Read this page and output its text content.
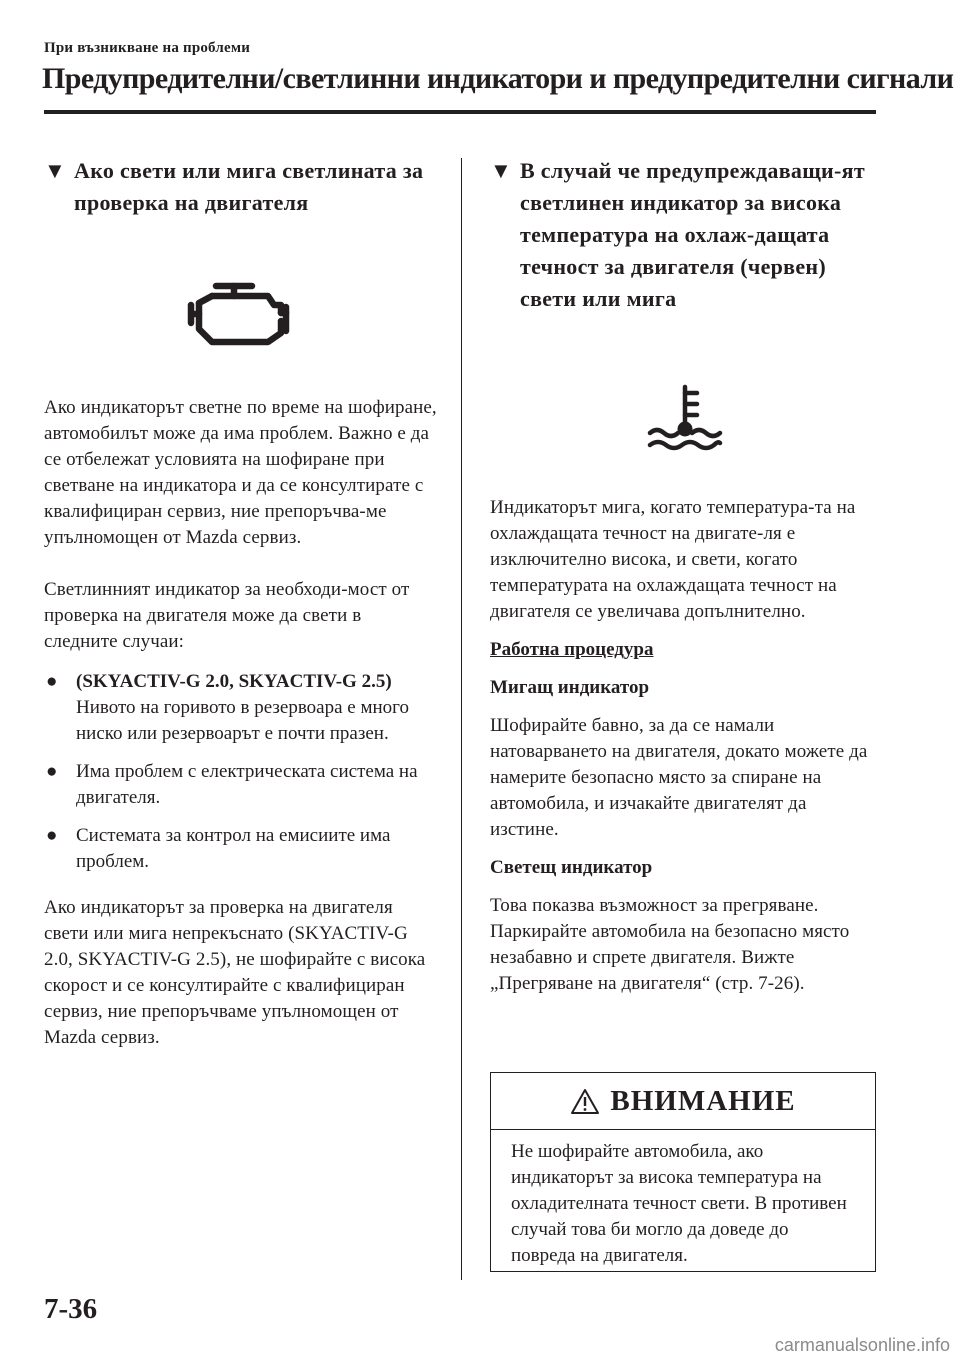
При възникване на проблеми
Предупредителни/светлинни индикатори и предупредителни сигнали
▼ Ако свети или мига светлината за проверка на двигателя
Ако индикаторът светне по време на шофиране, автомобилът може да има проблем. Важно е да се отбележат условията на шофиране при светване на индикатора и да се консултирате с квалифициран сервиз, ние препоръчва-ме упълномощен от Mazda сервиз.
Светлинният индикатор за необходи-мост от проверка на двигателя може да свети в следните случаи:
● (SKYACTIV-G 2.0, SKYACTIV-G 2.5)
Нивото на горивото в резервоара е много ниско или резервоарът е почти празен.
● Има проблем с електрическата система на двигателя.
● Системата за контрол на емисиите има проблем.
Ако индикаторът за проверка на двигателя свети или мига непрекъснато (SKYACTIV-G 2.0, SKYACTIV-G 2.5), не шофирайте с висока скорост и се консултирайте с квалифициран сервиз, ние препоръчваме упълномощен от Mazda сервиз.
▼ В случай че предупреждаващи-ят светлинен индикатор за висока температура на охлаж-дащата течност за двигателя (червен) свети или мига
Индикаторът мига, когато температура-та на охлаждащата течност на двигате-ля е изключително висока, и свети, когато температурата на охлаждащата течност на двигателя се увеличава допълнително.
Работна процедура
Мигащ индикатор
Шофирайте бавно, за да се намали натоварването на двигателя, докато можете да намерите безопасно място за спиране на автомобила, и изчакайте двигателят да изстине.
Светещ индикатор
Това показва възможност за прегряване. Паркирайте автомобила на безопасно място незабавно и спрете двигателя. Вижте „Прегряване на двигателя“ (стр. 7-26).
ВНИМАНИЕ
Не шофирайте автомобила, ако индикаторът за висока температура на охладителната течност свети. В противен случай това би могло да доведе до повреда на двигателя.
7-36
carmanualsonline.info
